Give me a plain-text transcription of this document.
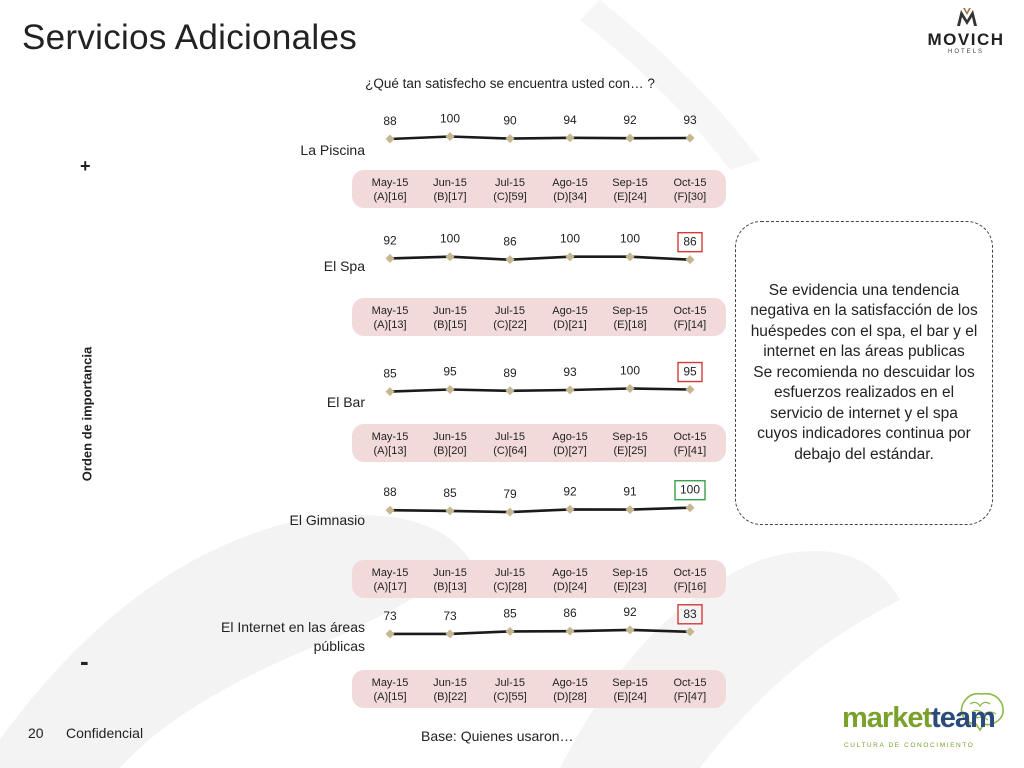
Servicios Adicionales	MOVICH
HOTELS
¿Qué tan satisfecho se encuentra usted con… ?
Orden de importancia
+
-
La Piscina
El Spa
El Bar
El Gimnasio
El Internet en las áreas públicas
88
May-15
(A)[16]
100
Jun-15
(B)[17]
90
Jul-15
(C)[59]
94
Ago-15
(D)[34]
92
Sep-15
(E)[24]
93
Oct-15
(F)[30]
92
May-15
(A)[13]
100
Jun-15
(B)[15]
86
Jul-15
(C)[22]
100
Ago-15
(D)[21]
100
Sep-15
(E)[18]
86
Oct-15
(F)[14]
85
May-15
(A)[13]
95
Jun-15
(B)[20]
89
Jul-15
(C)[64]
93
Ago-15
(D)[27]
100
Sep-15
(E)[25]
95
Oct-15
(F)[41]
88
May-15
(A)[17]
85
Jun-15
(B)[13]
79
Jul-15
(C)[28]
92
Ago-15
(D)[24]
91
Sep-15
(E)[23]
100
Oct-15
(F)[16]
73
May-15
(A)[15]
73
Jun-15
(B)[22]
85
Jul-15
(C)[55]
86
Ago-15
(D)[28]
92
Sep-15
(E)[24]
83
Oct-15
(F)[47]
Se evidencia una tendencia negativa en la satisfacción de los huéspedes con el spa, el bar y el internet en las áreas publicas
Se recomienda no descuidar los esfuerzos realizados en el servicio de internet y el spa cuyos indicadores continua por debajo del estándar.
20 Confidencial	Base: Quienes usaron…
marketteam
CULTURA DE CONOCIMIENTO
